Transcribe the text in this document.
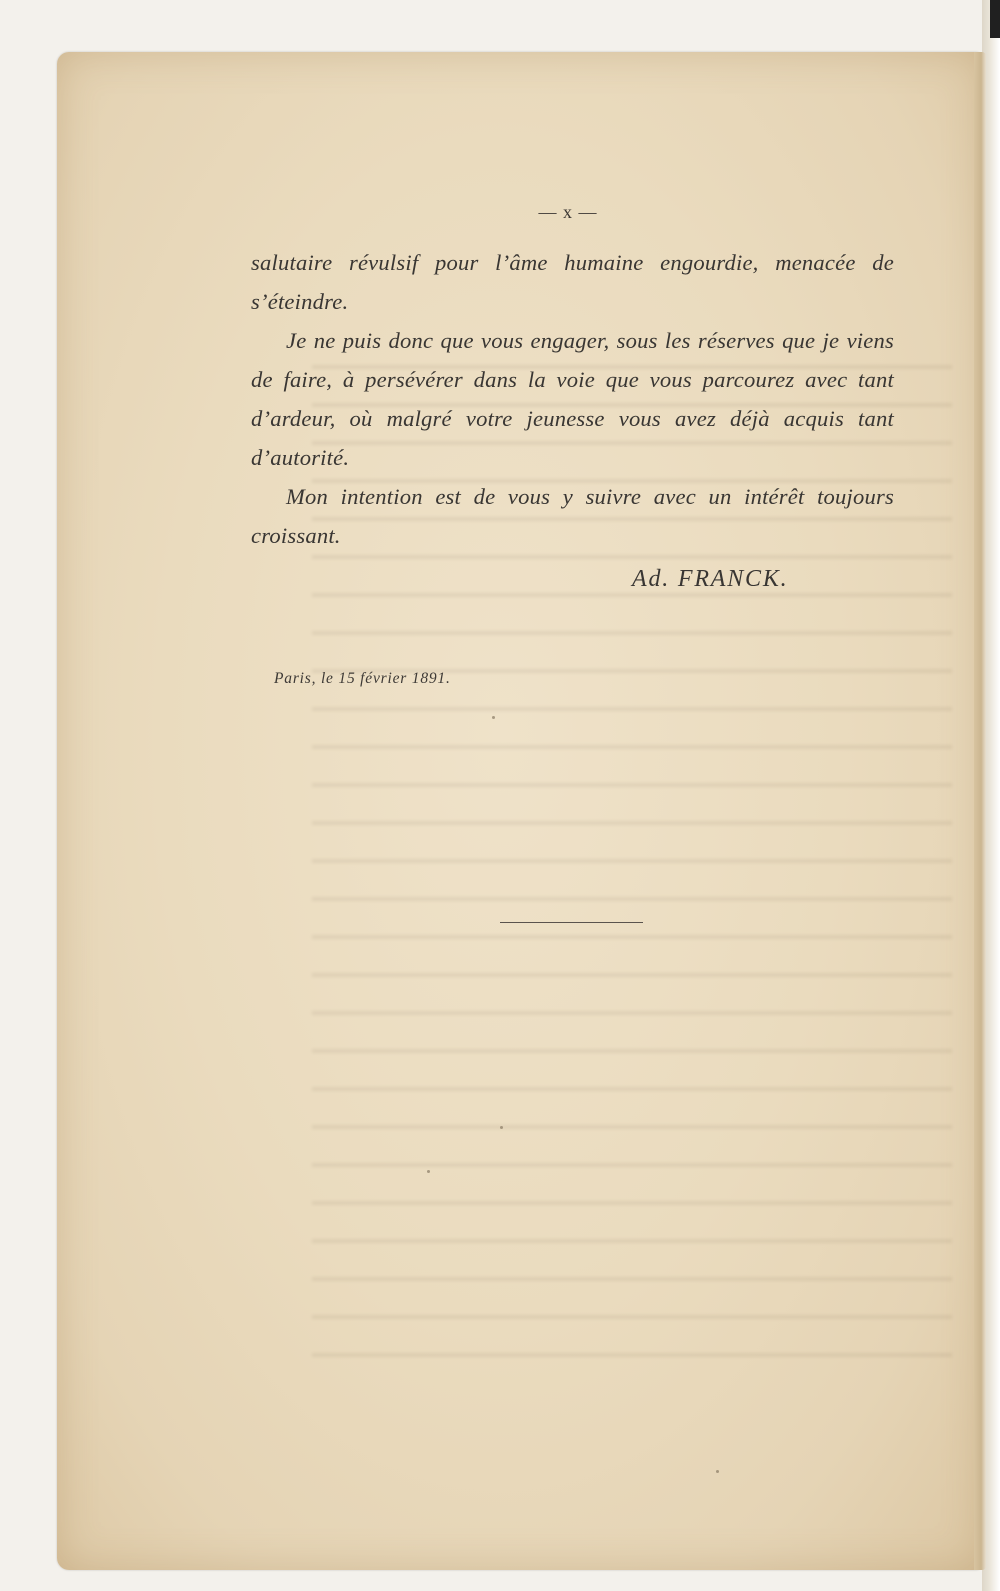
— x —

salutaire révulsif pour l’âme humaine engourdie, menacée de s’éteindre.

Je ne puis donc que vous engager, sous les réserves que je viens de faire, à persévérer dans la voie que vous parcourez avec tant d’ardeur, où malgré votre jeunesse vous avez déjà acquis tant d’autorité.

Mon intention est de vous y suivre avec un intérêt toujours croissant.

Ad. FRANCK.
Paris, le 15 février 1891.
